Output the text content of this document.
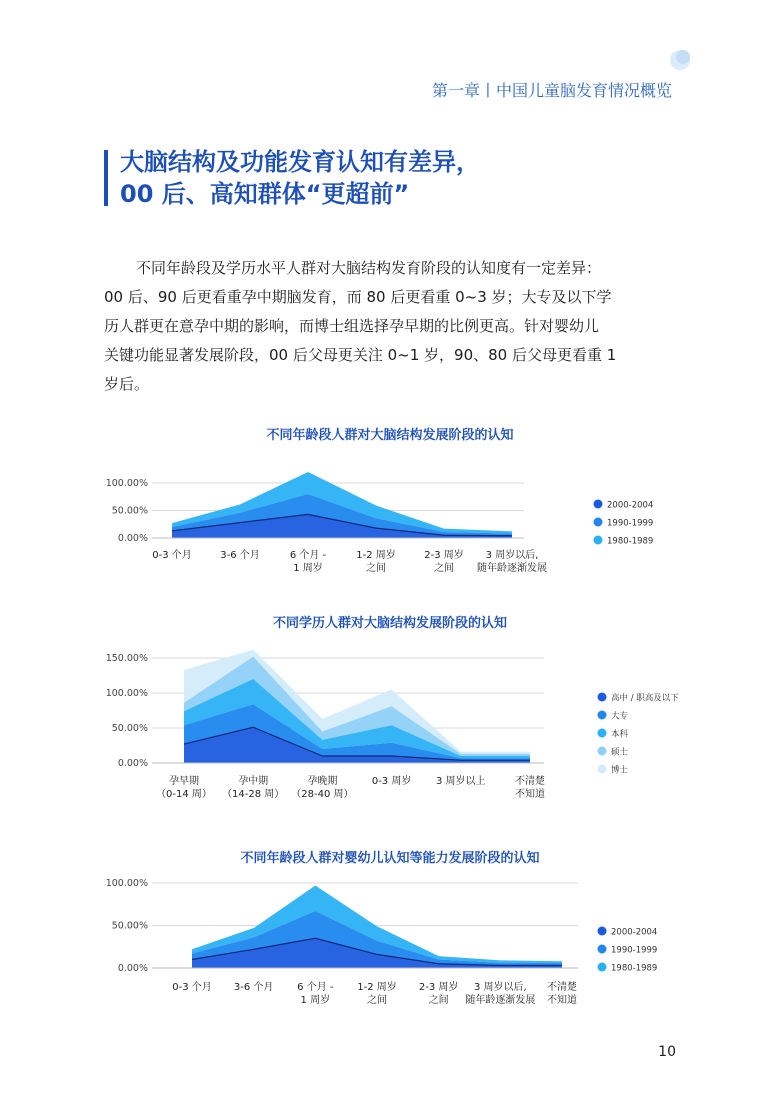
第一章丨中国儿童脑发育情况概览
大脑结构及功能发育认知有差异，
00 后、高知群体“更超前”
不同年龄段及学历水平人群对大脑结构发育阶段的认知度有一定差异：
00 后、90 后更看重孕中期脑发育，而 80 后更看重 0~3 岁；大专及以下学
历人群更在意孕中期的影响，而博士组选择孕早期的比例更高。针对婴幼儿
关键功能显著发展阶段，00 后父母更关注 0~1 岁，90、80 后父母更看重 1
岁后。
不同年龄段人群对大脑结构发展阶段的认知
0.00%
50.00%
100.00%
0-3 个月	3-6 个月	6 个月 -
1 周岁
1-2 周岁
之间
2-3 周岁
之间
3 周岁以后,
随年龄逐渐发展
2000-2004
1990-1999
1980-1989
不同学历人群对大脑结构发展阶段的认知
0.00%
50.00%
100.00%
150.00%
孕早期
（0-14 周）
孕中期
（14-28 周）
孕晚期
（28-40 周）
0-3 周岁 3 周岁以上	不清楚
不知道
高中 / 职高及以下
大专
本科
硕士
博士
不同年龄段人群对婴幼儿认知等能力发展阶段的认知
0.00%
50.00%
100.00%
0-3 个月 3-6 个月 6 个月 -
1 周岁
1-2 周岁
之间
2-3 周岁
之间
3 周岁以后,
随年龄逐渐发展
不清楚
不知道
2000-2004
1990-1999
1980-1989
10
